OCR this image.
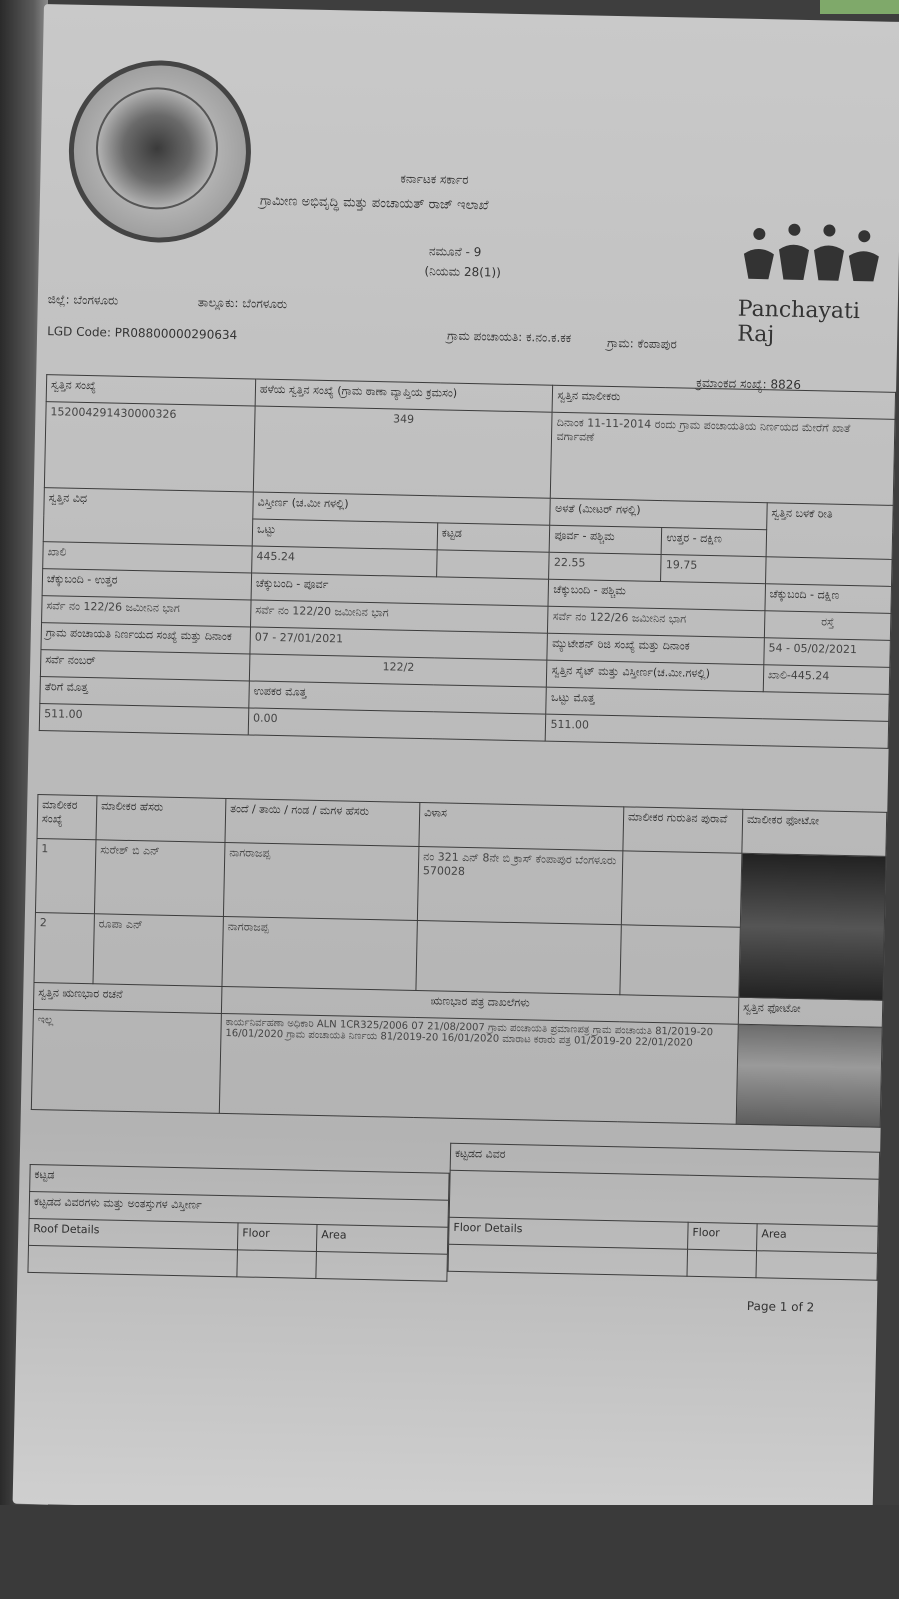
ಕರ್ನಾಟಕ ಸರ್ಕಾರ
ಗ್ರಾಮೀಣ ಅಭಿವೃದ್ಧಿ ಮತ್ತು ಪಂಚಾಯತ್ ರಾಜ್ ಇಲಾಖೆ
ನಮೂನೆ - 9
(ನಿಯಮ 28(1))
ಜಿಲ್ಲೆ: ಬೆಂಗಳೂರು	ತಾಲ್ಲೂಕು: ಬೆಂಗಳೂರು
ಗ್ರಾಮ ಪಂಚಾಯತಿ: ಕ.ನಂ.ಕ.ಕಕ	ಗ್ರಾಮ: ಕೆಂಪಾಪುರ
LGD Code: PR08800000290634
ಕ್ರಮಾಂಕದ ಸಂಖ್ಯೆ: 8826
Panchayati Raj
ಸ್ವತ್ತಿನ ಸಂಖ್ಯೆ	ಹಳೆಯ ಸ್ವತ್ತಿನ ಸಂಖ್ಯೆ (ಗ್ರಾಮ ಠಾಣಾ ವ್ಯಾಪ್ತಿಯ ಕ್ರಮಸಂ)		ಸ್ವತ್ತಿನ ಮಾಲೀಕರು		
152004291430000326	349		ದಿನಾಂಕ 11-11-2014 ರಂದು ಗ್ರಾಮ ಪಂಚಾಯತಿಯ ನಿರ್ಣಯದ ಮೇರೆಗೆ ಖಾತೆ ವರ್ಗಾವಣೆ		
ಸ್ವತ್ತಿನ ವಿಧ	ವಿಸ್ತೀರ್ಣ (ಚ.ಮೀ ಗಳಲ್ಲಿ)		ಅಳತೆ (ಮೀಟರ್ ಗಳಲ್ಲಿ)		ಸ್ವತ್ತಿನ ಬಳಕೆ ರೀತಿ
	ಒಟ್ಟು	ಕಟ್ಟಡ	ಪೂರ್ವ - ಪಶ್ಚಿಮ	ಉತ್ತರ - ದಕ್ಷಿಣ	
ಖಾಲಿ	445.24		22.55	19.75	
ಚೆಕ್ಕುಬಂದಿ - ಉತ್ತರ	ಚೆಕ್ಕುಬಂದಿ - ಪೂರ್ವ		ಚೆಕ್ಕುಬಂದಿ - ಪಶ್ಚಿಮ		ಚೆಕ್ಕುಬಂದಿ - ದಕ್ಷಿಣ
ಸರ್ವೆ ನಂ 122/26 ಜಮೀನಿನ ಭಾಗ	ಸರ್ವೆ ನಂ 122/20 ಜಮೀನಿನ ಭಾಗ		ಸರ್ವೆ ನಂ 122/26 ಜಮೀನಿನ ಭಾಗ		ರಸ್ತೆ
ಗ್ರಾಮ ಪಂಚಾಯತಿ ನಿರ್ಣಯದ ಸಂಖ್ಯೆ ಮತ್ತು ದಿನಾಂಕ	07 - 27/01/2021		ಮ್ಯುಟೇಶನ್ ರಿಜಿ ಸಂಖ್ಯೆ ಮತ್ತು ದಿನಾಂಕ		54 - 05/02/2021
ಸರ್ವೆ ನಂಬರ್	122/2		ಸ್ವತ್ತಿನ ಸೈಟ್ ಮತ್ತು ವಿಸ್ತೀರ್ಣ(ಚ.ಮೀ.ಗಳಲ್ಲಿ)		ಖಾಲಿ-445.24
ತೆರಿಗೆ ಮೊತ್ತ	ಉಪಕರ ಮೊತ್ತ		ಒಟ್ಟು ಮೊತ್ತ		
511.00	0.00		511.00		
ಮಾಲೀಕರ ಸಂಖ್ಯೆ	ಮಾಲೀಕರ ಹೆಸರು	ತಂದೆ / ತಾಯಿ / ಗಂಡ / ಮಗಳ ಹೆಸರು	ವಿಳಾಸ	ಮಾಲೀಕರ ಗುರುತಿನ ಪುರಾವೆ	ಮಾಲೀಕರ ಫೋಟೋ
1	ಸುರೇಶ್ ಬಿ ಎನ್	ನಾಗರಾಜಪ್ಪ	ನಂ 321 ಎನ್ 8ನೇ ಬಿ ಕ್ರಾಸ್ ಕೆಂಪಾಪುರ ಬೆಂಗಳೂರು 570028		
2	ರೂಪಾ ಎನ್	ನಾಗರಾಜಪ್ಪ			
ಸ್ವತ್ತಿನ ಋಣಭಾರ ರಚನೆ		ಋಣಭಾರ ಪತ್ರ ದಾಖಲೆಗಳು			ಸ್ವತ್ತಿನ ಫೋಟೋ
ಇಲ್ಲ		ಕಾರ್ಯನಿರ್ವಹಣಾ ಅಧಿಕಾರಿ ALN 1CR325/2006 07 21/08/2007 ಗ್ರಾಮ ಪಂಚಾಯತಿ ಪ್ರಮಾಣಪತ್ರ ಗ್ರಾಮ ಪಂಚಾಯತಿ 81/2019-20 16/01/2020 ಗ್ರಾಮ ಪಂಚಾಯತಿ ನಿರ್ಣಯ 81/2019-20 16/01/2020 ಮಾರಾಟ ಕರಾರು ಪತ್ರ 01/2019-20 22/01/2020			
ಕಟ್ಟಡ		
ಕಟ್ಟಡದ ವಿವರಗಳು ಮತ್ತು ಅಂತಸ್ತುಗಳ ವಿಸ್ತೀರ್ಣ		
Roof Details	Floor	Area

ಕಟ್ಟಡದ ವಿವರ		

Floor Details	Floor	Area

Page 1 of 2
